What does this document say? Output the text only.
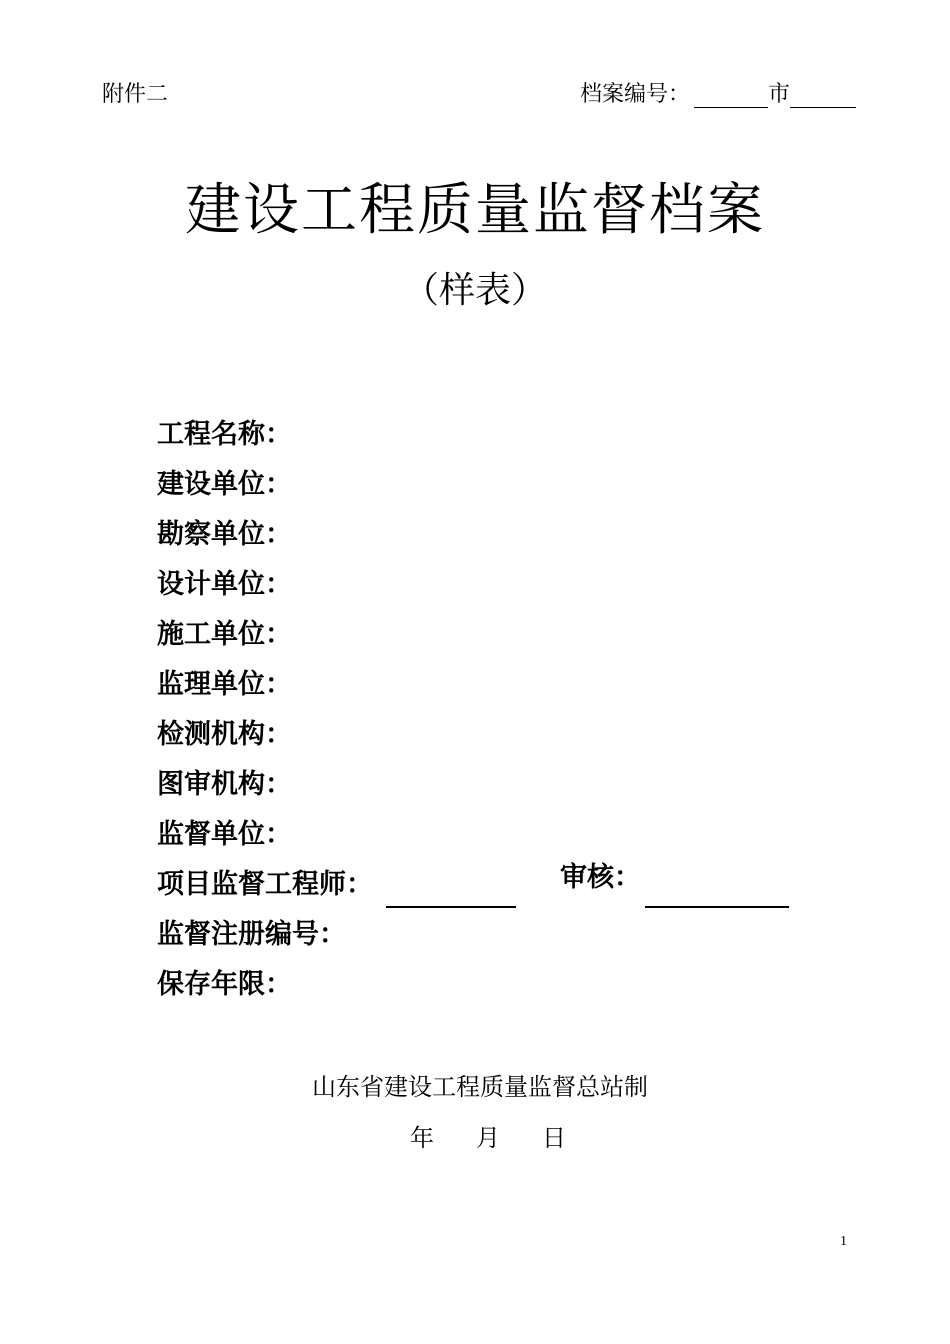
附件二	档案编号：	市
建设工程质量监督档案
（样表）
工程名称：
建设单位：
勘察单位：
设计单位：
施工单位：
监理单位：
检测机构：
图审机构：
监督单位：
项目监督工程师：
监督注册编号：
保存年限：
审核：
山东省建设工程质量监督总站制
年 月 日
1
